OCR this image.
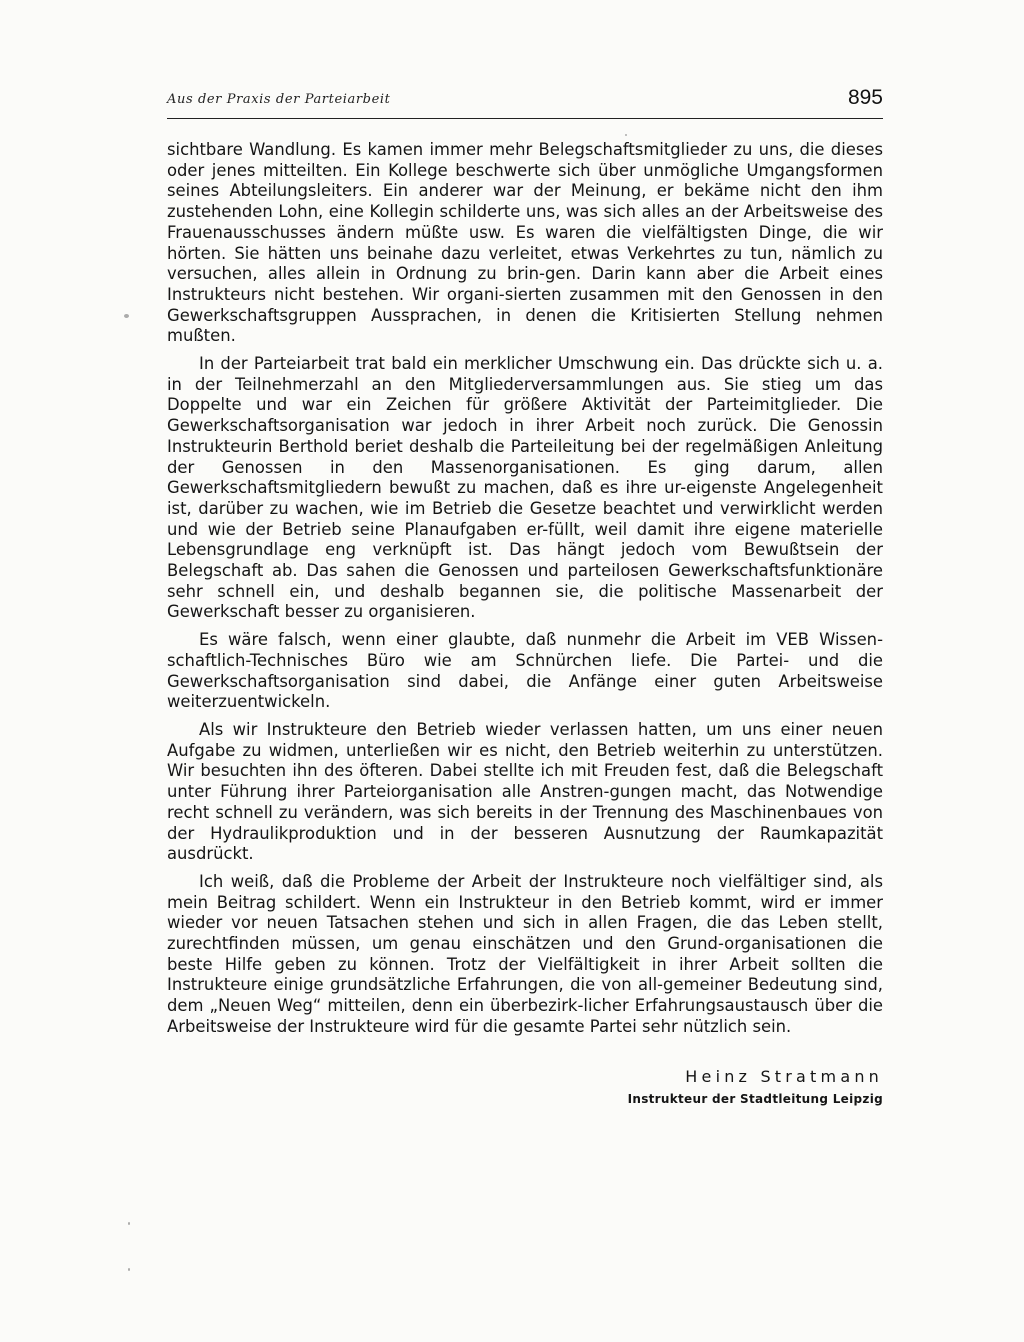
Aus der Praxis der Parteiarbeit	895

sichtbare Wandlung. Es kamen immer mehr Belegschaftsmitglieder zu uns, die dieses oder jenes mitteilten. Ein Kollege beschwerte sich über unmögliche Umgangsformen seines Abteilungsleiters. Ein anderer war der Meinung, er bekäme nicht den ihm zustehenden Lohn, eine Kollegin schilderte uns, was sich alles an der Arbeitsweise des Frauenausschusses ändern müßte usw. Es waren die vielfältigsten Dinge, die wir hörten. Sie hätten uns beinahe dazu verleitet, etwas Verkehrtes zu tun, nämlich zu versuchen, alles allein in Ordnung zu brin-gen. Darin kann aber die Arbeit eines Instrukteurs nicht bestehen. Wir organi-sierten zusammen mit den Genossen in den Gewerkschaftsgruppen Aussprachen, in denen die Kritisierten Stellung nehmen mußten.

In der Parteiarbeit trat bald ein merklicher Umschwung ein. Das drückte sich u. a. in der Teilnehmerzahl an den Mitgliederversammlungen aus. Sie stieg um das Doppelte und war ein Zeichen für größere Aktivität der Parteimitglieder. Die Gewerkschaftsorganisation war jedoch in ihrer Arbeit noch zurück. Die Genossin Instrukteurin Berthold beriet deshalb die Parteileitung bei der regelmäßigen Anleitung der Genossen in den Massenorganisationen. Es ging darum, allen Gewerkschaftsmitgliedern bewußt zu machen, daß es ihre ur-eigenste Angelegenheit ist, darüber zu wachen, wie im Betrieb die Gesetze beachtet und verwirklicht werden und wie der Betrieb seine Planaufgaben er-füllt, weil damit ihre eigene materielle Lebensgrundlage eng verknüpft ist. Das hängt jedoch vom Bewußtsein der Belegschaft ab. Das sahen die Genossen und parteilosen Gewerkschaftsfunktionäre sehr schnell ein, und deshalb begannen sie, die politische Massenarbeit der Gewerkschaft besser zu organisieren.

Es wäre falsch, wenn einer glaubte, daß nunmehr die Arbeit im VEB Wissen-schaftlich-Technisches Büro wie am Schnürchen liefe. Die Partei- und die Gewerkschaftsorganisation sind dabei, die Anfänge einer guten Arbeitsweise weiterzuentwickeln.

Als wir Instrukteure den Betrieb wieder verlassen hatten, um uns einer neuen Aufgabe zu widmen, unterließen wir es nicht, den Betrieb weiterhin zu unterstützen. Wir besuchten ihn des öfteren. Dabei stellte ich mit Freuden fest, daß die Belegschaft unter Führung ihrer Parteiorganisation alle Anstren-gungen macht, das Notwendige recht schnell zu verändern, was sich bereits in der Trennung des Maschinenbaues von der Hydraulikproduktion und in der besseren Ausnutzung der Raumkapazität ausdrückt.

Ich weiß, daß die Probleme der Arbeit der Instrukteure noch vielfältiger sind, als mein Beitrag schildert. Wenn ein Instrukteur in den Betrieb kommt, wird er immer wieder vor neuen Tatsachen stehen und sich in allen Fragen, die das Leben stellt, zurechtfinden müssen, um genau einschätzen und den Grund-organisationen die beste Hilfe geben zu können. Trotz der Vielfältigkeit in ihrer Arbeit sollten die Instrukteure einige grundsätzliche Erfahrungen, die von all-gemeiner Bedeutung sind, dem „Neuen Weg“ mitteilen, denn ein überbezirk-licher Erfahrungsaustausch über die Arbeitsweise der Instrukteure wird für die gesamte Partei sehr nützlich sein.

Heinz Stratmann
Instrukteur der Stadtleitung Leipzig
